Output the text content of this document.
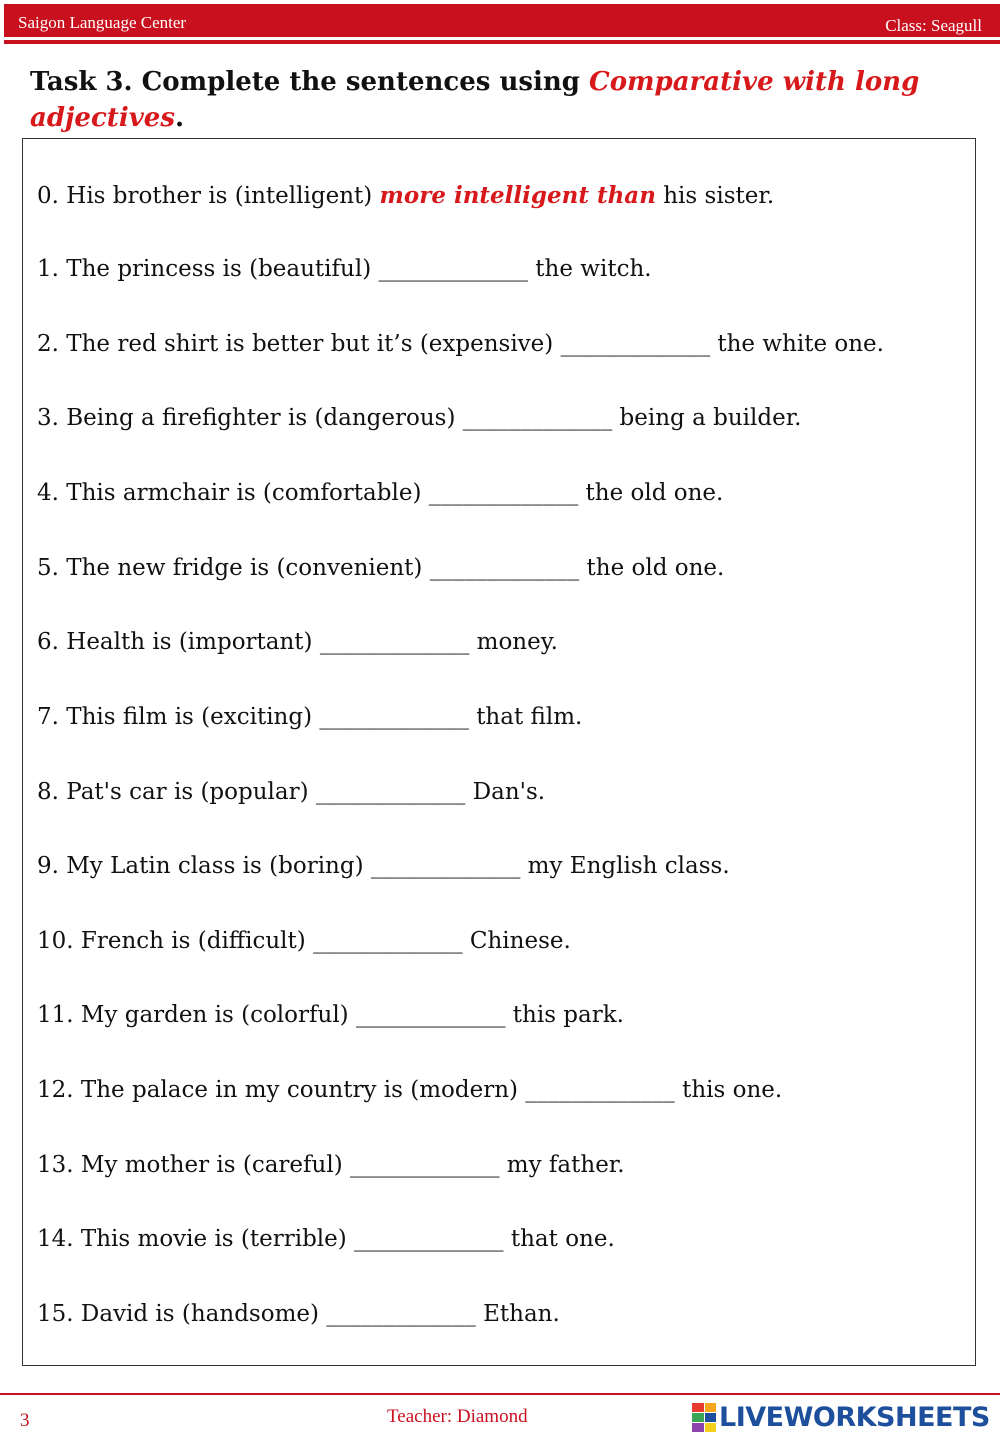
Saigon Language Center	Class: Seagull
Task 3. Complete the sentences using Comparative with long adjectives.
0. His brother is (intelligent) more intelligent than his sister.
1. The princess is (beautiful) _____________ the witch.
2. The red shirt is better but it’s (expensive) _____________ the white one.
3. Being a firefighter is (dangerous) _____________ being a builder.
4. This armchair is (comfortable) _____________ the old one.
5. The new fridge is (convenient) _____________ the old one.
6. Health is (important) _____________ money.
7. This film is (exciting) _____________ that film.
8. Pat's car is (popular) _____________ Dan's.
9. My Latin class is (boring) _____________ my English class.
10. French is (difficult) _____________ Chinese.
11. My garden is (colorful) _____________ this park.
12. The palace in my country is (modern) _____________ this one.
13. My mother is (careful) _____________ my father.
14. This movie is (terrible) _____________ that one.
15. David is (handsome) _____________ Ethan.
3	Teacher: Diamond	LIVEWORKSHEETS
